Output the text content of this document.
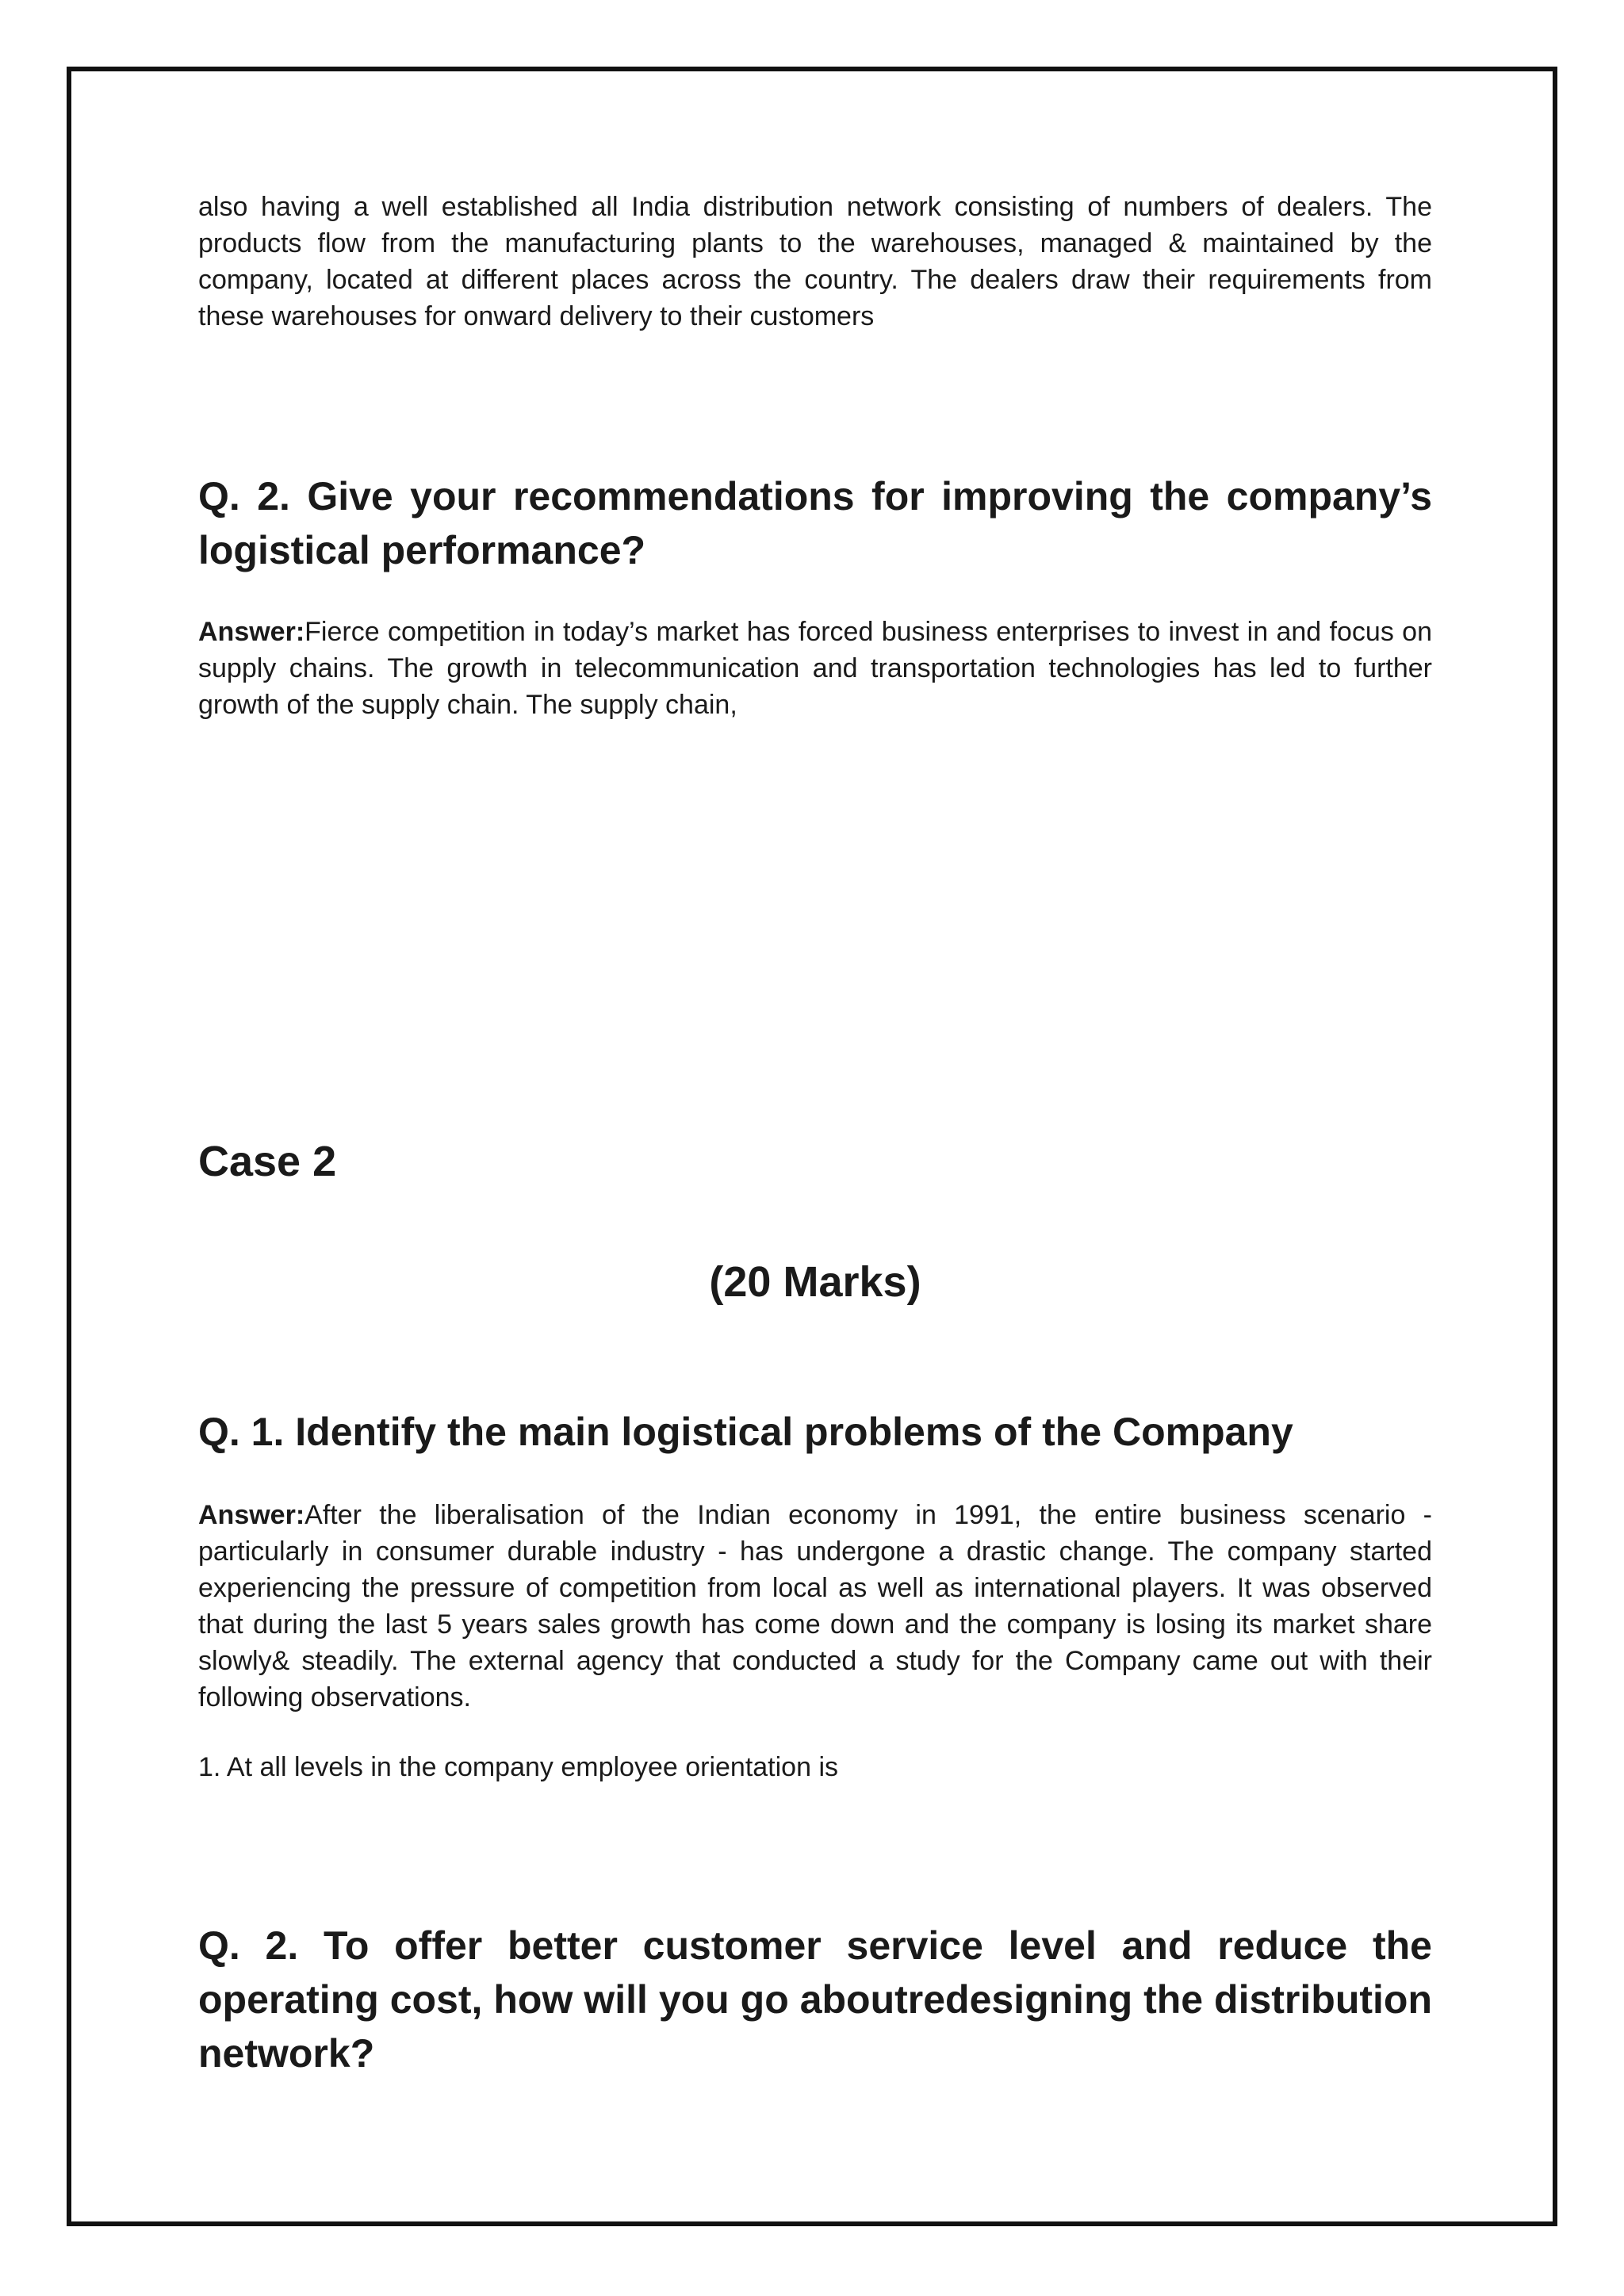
also having a well established all India distribution network consisting of numbers of dealers. The products flow from the manufacturing plants to the warehouses, managed & maintained by the company, located at different places across the country. The dealers draw their requirements from these warehouses for onward delivery to their customers

Q. 2. Give your recommendations for improving the company’s logistical performance?

Answer:Fierce competition in today’s market has forced business enterprises to invest in and focus on supply chains. The growth in telecommunication and transportation technologies has led to further growth of the supply chain. The supply chain,

Case 2

(20 Marks)

Q. 1. Identify the main logistical problems of the Company

Answer:After the liberalisation of the Indian economy in 1991, the entire business scenario - particularly in consumer durable industry - has undergone a drastic change. The company started experiencing the pressure of competition from local as well as international players. It was observed that during the last 5 years sales growth has come down and the company is losing its market share slowly& steadily. The external agency that conducted a study for the Company came out with their following observations.

1. At all levels in the company employee orientation is

Q. 2. To offer better customer service level and reduce the operating cost, how will you go aboutredesigning the distribution network?
